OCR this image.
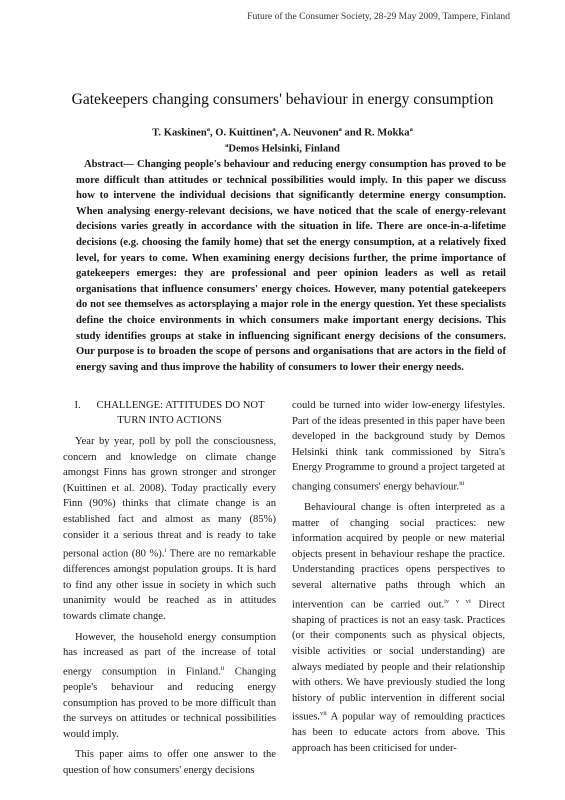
Future of the Consumer Society, 28-29 May 2009, Tampere, Finland
Gatekeepers changing consumers' behaviour in energy consumption
T. Kaskinen$^a$, O. Kuittinen$^a$, A. Neuvonen$^a$ and R. Mokka$^a$
$^a$Demos Helsinki, Finland

Abstract— Changing people's behaviour and reducing energy consumption has proved to be more difficult than attitudes or technical possibilities would imply. In this paper we discuss how to intervene the individual decisions that significantly determine energy consumption. When analysing energy-relevant decisions, we have noticed that the scale of energy-relevant decisions varies greatly in accordance with the situation in life. There are once-in-a-lifetime decisions (e.g. choosing the family home) that set the energy consumption, at a relatively fixed level, for years to come. When examining energy decisions further, the prime importance of gatekeepers emerges: they are professional and peer opinion leaders as well as retail organisations that influence consumers' energy choices. However, many potential gatekeepers do not see themselves as actorsplaying a major role in the energy question. Yet these specialists define the choice environments in which consumers make important energy decisions. This study identifies groups at stake in influencing significant energy decisions of the consumers. Our purpose is to broaden the scope of persons and organisations that are actors in the field of energy saving and thus improve the hability of consumers to lower their energy needs.

I. CHALLENGE: ATTITUDES DO NOT TURN INTO ACTIONS

Year by year, poll by poll the consciousness, concern and knowledge on climate change amongst Finns has grown stronger and stronger (Kuittinen et al. 2008). Today practically every Finn (90%) thinks that climate change is an established fact and almost as many (85%) consider it a serious threat and is ready to take personal action (80 %).$^i$ There are no remarkable differences amongst population groups. It is hard to find any other issue in society in which such unanimity would be reached as in attitudes towards climate change.

However, the household energy consumption has increased as part of the increase of total energy consumption in Finland.$^{ii}$ Changing people's behaviour and reducing energy consumption has proved to be more difficult than the surveys on attitudes or technical possibilities would imply.

This paper aims to offer one answer to the question of how consumers' energy decisions

could be turned into wider low-energy lifestyles. Part of the ideas presented in this paper have been developed in the background study by Demos Helsinki think tank commissioned by Sitra's Energy Programme to ground a project targeted at changing consumers' energy behaviour.$^{iii}$

Behavioural change is often interpreted as a matter of changing social practices: new information acquired by people or new material objects present in behaviour reshape the practice. Understanding practices opens perspectives to several alternative paths through which an intervention can be carried out.$^{iv v vi}$ Direct shaping of practices is not an easy task. Practices (or their components such as physical objects, visible activities or social understanding) are always mediated by people and their relationship with others. We have previously studied the long history of public intervention in different social issues.$^{vii}$ A popular way of remoulding practices has been to educate actors from above. This approach has been criticised for under-
